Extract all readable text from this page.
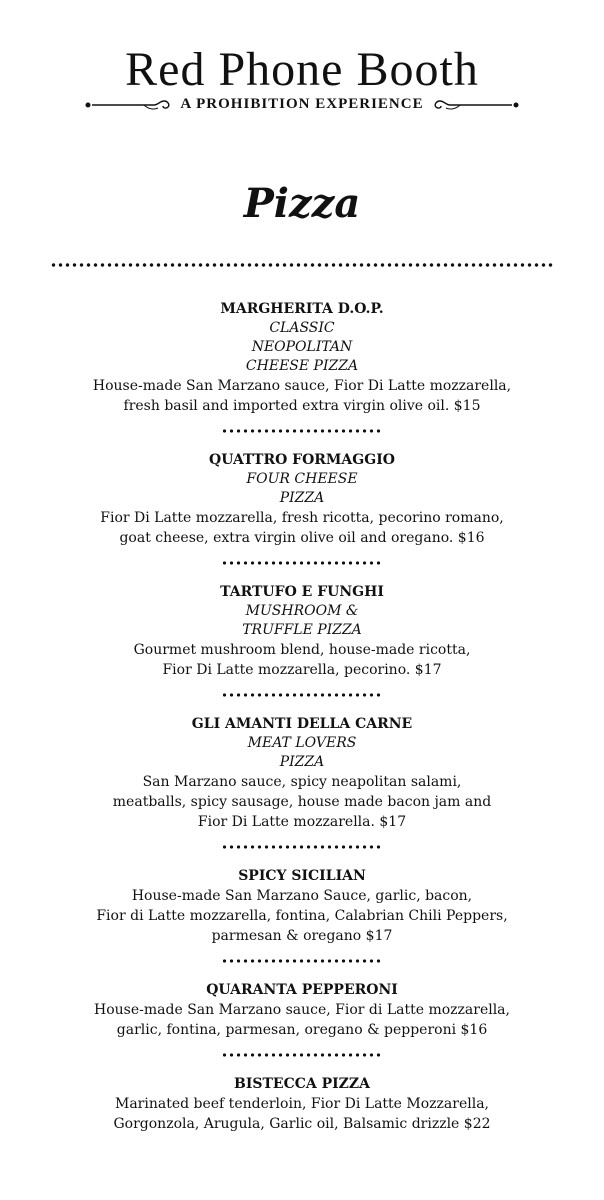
Red Phone Booth
A PROHIBITION EXPERIENCE
Pizza
MARGHERITA D.O.P.
CLASSIC
NEOPOLITAN
CHEESE PIZZA
House-made San Marzano sauce, Fior Di Latte mozzarella,
fresh basil and imported extra virgin olive oil. $15
QUATTRO FORMAGGIO
FOUR CHEESE
PIZZA
Fior Di Latte mozzarella, fresh ricotta, pecorino romano,
goat cheese, extra virgin olive oil and oregano. $16
TARTUFO E FUNGHI
MUSHROOM &
TRUFFLE PIZZA
Gourmet mushroom blend, house-made ricotta,
Fior Di Latte mozzarella, pecorino. $17
GLI AMANTI DELLA CARNE
MEAT LOVERS
PIZZA
San Marzano sauce, spicy neapolitan salami,
meatballs, spicy sausage, house made bacon jam and
Fior Di Latte mozzarella. $17
SPICY SICILIAN
House-made San Marzano Sauce, garlic, bacon,
Fior di Latte mozzarella, fontina, Calabrian Chili Peppers,
parmesan & oregano $17
QUARANTA PEPPERONI
House-made San Marzano sauce, Fior di Latte mozzarella,
garlic, fontina, parmesan, oregano & pepperoni $16
BISTECCA PIZZA
Marinated beef tenderloin, Fior Di Latte Mozzarella,
Gorgonzola, Arugula, Garlic oil, Balsamic drizzle $22
